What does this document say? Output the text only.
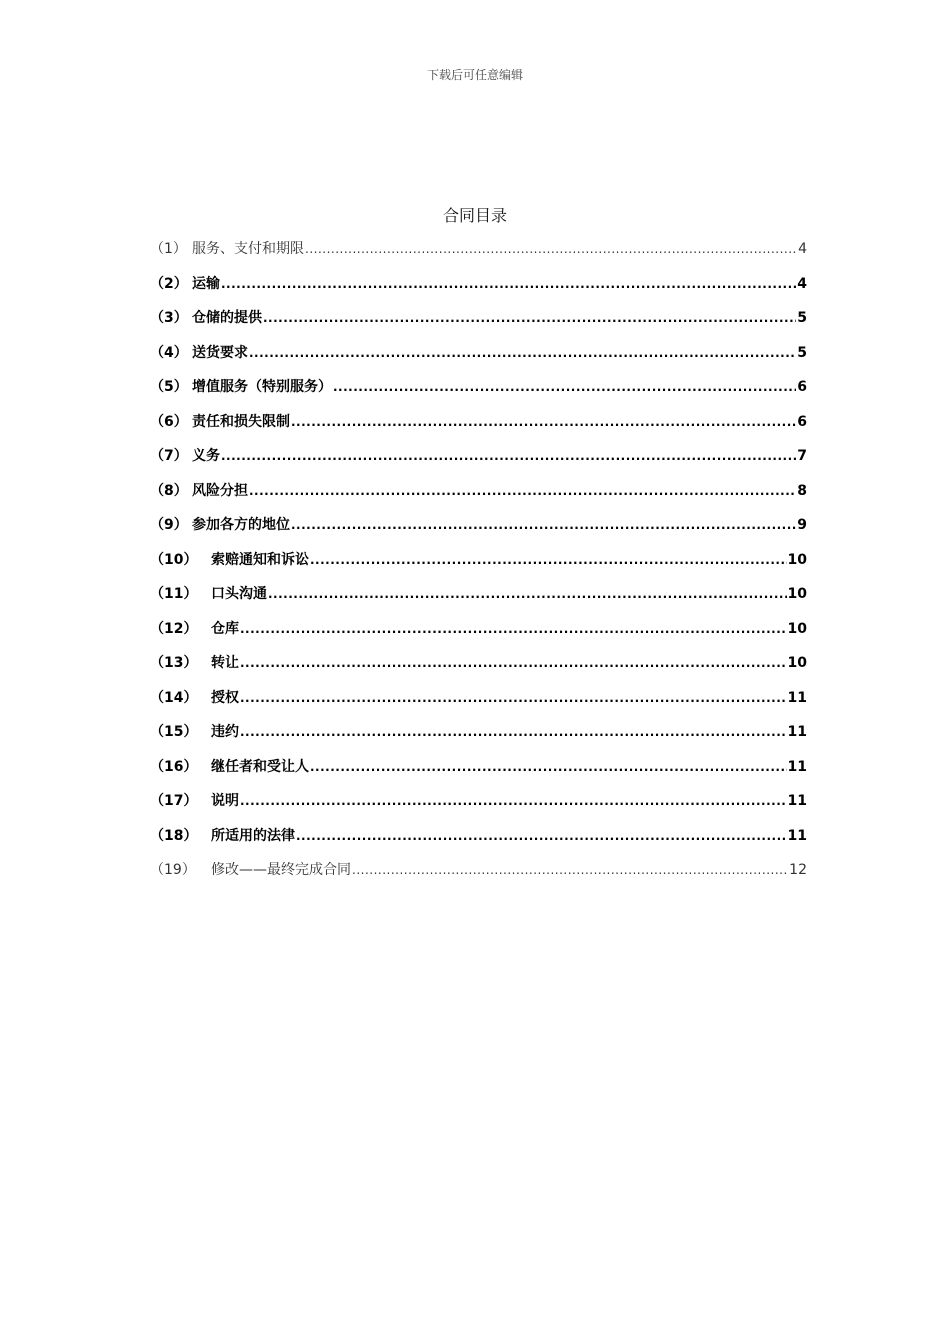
下载后可任意编辑
合同目录
（1） 服务、支付和期限 .....	4
（2） 运输 .....	4
（3） 仓储的提供 .....	5
（4） 送货要求 .....	5
（5） 增值服务（特别服务） .....	6
（6） 责任和损失限制 .....	6
（7） 义务 .....	7
（8） 风险分担 .....	8
（9） 参加各方的地位 .....	9
（10） 索赔通知和诉讼 .....	10
（11） 口头沟通 .....	10
（12） 仓库 .....	10
（13） 转让 .....	10
（14） 授权 .....	11
（15） 违约 .....	11
（16） 继任者和受让人 .....	11
（17） 说明 .....	11
（18） 所适用的法律 .....	11
（19）	修改——最终完成合同 .....	12
